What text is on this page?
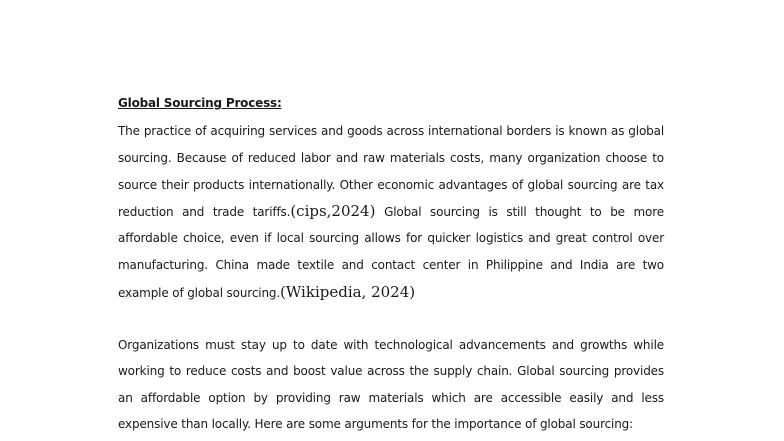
Global Sourcing Process:
The practice of acquiring services and goods across international borders is known as global
sourcing. Because of reduced labor and raw materials costs, many organization choose to
source their products internationally. Other economic advantages of global sourcing are tax
reduction and trade tariffs.(cips,2024) Global sourcing is still thought to be more
affordable choice, even if local sourcing allows for quicker logistics and great control over
manufacturing. China made textile and contact center in Philippine and India are two
example of global sourcing.(Wikipedia, 2024)
Organizations must stay up to date with technological advancements and growths while
working to reduce costs and boost value across the supply chain. Global sourcing provides
an affordable option by providing raw materials which are accessible easily and less
expensive than locally. Here are some arguments for the importance of global sourcing:
